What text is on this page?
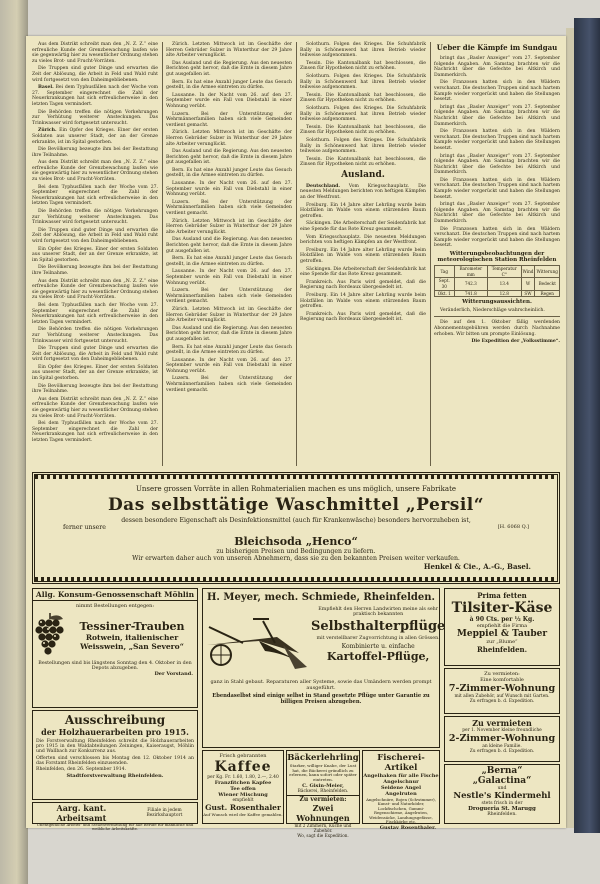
Aus dem Distrikt schreibt man den „N. Z. Z.“ eine erfreuliche Kunde der Grenzbewachung laufen wie sie gegenwärtig hier zu wesentlicher Ordnung stehen zu vieles Brot- und Frucht-Vorräten.

Die Truppen sind guter Dinge und erwarten die Zeit der Ablösung, die Arbeit in Feld und Wald ruht wird fortgesetzt von den Daheimgebliebenen.

Basel. Bei dem Typhusfällen nach der Woche vom 27. September eingerechnet die Zahl der Neuerkrankungen hat sich erfreulicherweise in den letzten Tagen vermindert.

Die Behörden treffen die nötigen Vorkehrungen zur Verhütung weiterer Ansteckungen. Das Trinkwasser wird fortgesetzt untersucht.

Zürich. Ein Opfer des Krieges. Einer der ersten Soldaten aus unserer Stadt, der an der Grenze erkrankte, ist im Spital gestorben.

Die Bevölkerung bezeugte ihm bei der Bestattung ihre Teilnahme.

Aus dem Distrikt schreibt man den „N. Z. Z.“ eine erfreuliche Kunde der Grenzbewachung laufen wie sie gegenwärtig hier zu wesentlicher Ordnung stehen zu vieles Brot- und Frucht-Vorräten.

Bei dem Typhusfällen nach der Woche vom 27. September eingerechnet die Zahl der Neuerkrankungen hat sich erfreulicherweise in den letzten Tagen vermindert.

Die Behörden treffen die nötigen Vorkehrungen zur Verhütung weiterer Ansteckungen. Das Trinkwasser wird fortgesetzt untersucht.

Die Truppen sind guter Dinge und erwarten die Zeit der Ablösung, die Arbeit in Feld und Wald ruht wird fortgesetzt von den Daheimgebliebenen.

Ein Opfer des Krieges. Einer der ersten Soldaten aus unserer Stadt, der an der Grenze erkrankte, ist im Spital gestorben.

Die Bevölkerung bezeugte ihm bei der Bestattung ihre Teilnahme.

Aus dem Distrikt schreibt man den „N. Z. Z.“ eine erfreuliche Kunde der Grenzbewachung laufen wie sie gegenwärtig hier zu wesentlicher Ordnung stehen zu vieles Brot- und Frucht-Vorräten.

Bei dem Typhusfällen nach der Woche vom 27. September eingerechnet die Zahl der Neuerkrankungen hat sich erfreulicherweise in den letzten Tagen vermindert.

Die Behörden treffen die nötigen Vorkehrungen zur Verhütung weiterer Ansteckungen. Das Trinkwasser wird fortgesetzt untersucht.

Die Truppen sind guter Dinge und erwarten die Zeit der Ablösung, die Arbeit in Feld und Wald ruht wird fortgesetzt von den Daheimgebliebenen.

Ein Opfer des Krieges. Einer der ersten Soldaten aus unserer Stadt, der an der Grenze erkrankte, ist im Spital gestorben.

Die Bevölkerung bezeugte ihm bei der Bestattung ihre Teilnahme.

Aus dem Distrikt schreibt man den „N. Z. Z.“ eine erfreuliche Kunde der Grenzbewachung laufen wie sie gegenwärtig hier zu wesentlicher Ordnung stehen zu vieles Brot- und Frucht-Vorräten.

Bei dem Typhusfällen nach der Woche vom 27. September eingerechnet die Zahl der Neuerkrankungen hat sich erfreulicherweise in den letzten Tagen vermindert.

Zürich. Letzten Mittwoch ist im Geschäfte der Herren Gebrüder Sulzer in Winterthur der 29 Jahre alte Arbeiter verunglückt.

Das Ausland und die Regierung. Aus den neuesten Berichten geht hervor, daß die Ernte in diesem Jahre gut ausgefallen ist.

Bern. Es hat eine Anzahl junger Leute das Gesuch gestellt, in die Armee eintreten zu dürfen.

Lausanne. In der Nacht vom 26. auf den 27. September wurde ein Fall von Diebstahl in einer Wohnung verübt.

Luzern. Bei der Unterstützung der Wehrmännerfamilien haben sich viele Gemeinden verdient gemacht.

Zürich. Letzten Mittwoch ist im Geschäfte der Herren Gebrüder Sulzer in Winterthur der 29 Jahre alte Arbeiter verunglückt.

Das Ausland und die Regierung. Aus den neuesten Berichten geht hervor, daß die Ernte in diesem Jahre gut ausgefallen ist.

Bern. Es hat eine Anzahl junger Leute das Gesuch gestellt, in die Armee eintreten zu dürfen.

Lausanne. In der Nacht vom 26. auf den 27. September wurde ein Fall von Diebstahl in einer Wohnung verübt.

Luzern. Bei der Unterstützung der Wehrmännerfamilien haben sich viele Gemeinden verdient gemacht.

Zürich. Letzten Mittwoch ist im Geschäfte der Herren Gebrüder Sulzer in Winterthur der 29 Jahre alte Arbeiter verunglückt.

Das Ausland und die Regierung. Aus den neuesten Berichten geht hervor, daß die Ernte in diesem Jahre gut ausgefallen ist.

Bern. Es hat eine Anzahl junger Leute das Gesuch gestellt, in die Armee eintreten zu dürfen.

Lausanne. In der Nacht vom 26. auf den 27. September wurde ein Fall von Diebstahl in einer Wohnung verübt.

Luzern. Bei der Unterstützung der Wehrmännerfamilien haben sich viele Gemeinden verdient gemacht.

Zürich. Letzten Mittwoch ist im Geschäfte der Herren Gebrüder Sulzer in Winterthur der 29 Jahre alte Arbeiter verunglückt.

Das Ausland und die Regierung. Aus den neuesten Berichten geht hervor, daß die Ernte in diesem Jahre gut ausgefallen ist.

Bern. Es hat eine Anzahl junger Leute das Gesuch gestellt, in die Armee eintreten zu dürfen.

Lausanne. In der Nacht vom 26. auf den 27. September wurde ein Fall von Diebstahl in einer Wohnung verübt.

Luzern. Bei der Unterstützung der Wehrmännerfamilien haben sich viele Gemeinden verdient gemacht.

Solothurn. Folgen des Krieges. Die Schuhfabrik Bally in Schönenwerd hat ihren Betrieb wieder teilweise aufgenommen.

Tessin. Die Kantonalbank hat beschlossen, die Zinsen für Hypotheken nicht zu erhöhen.

Solothurn. Folgen des Krieges. Die Schuhfabrik Bally in Schönenwerd hat ihren Betrieb wieder teilweise aufgenommen.

Tessin. Die Kantonalbank hat beschlossen, die Zinsen für Hypotheken nicht zu erhöhen.

Solothurn. Folgen des Krieges. Die Schuhfabrik Bally in Schönenwerd hat ihren Betrieb wieder teilweise aufgenommen.

Tessin. Die Kantonalbank hat beschlossen, die Zinsen für Hypotheken nicht zu erhöhen.

Solothurn. Folgen des Krieges. Die Schuhfabrik Bally in Schönenwerd hat ihren Betrieb wieder teilweise aufgenommen.

Tessin. Die Kantonalbank hat beschlossen, die Zinsen für Hypotheken nicht zu erhöhen.

Ausland.

Deutschland. Vom Kriegsschauplatz. Die neuesten Meldungen berichten von heftigen Kämpfen an der Westfront.

Freiburg. Ein 14 Jahre alter Lehrling wurde beim Holzfällen im Walde von einem stürzenden Baum getroffen.

Säckingen. Die Arbeiterschaft der Seidenfabrik hat eine Spende für das Rote Kreuz gesammelt.

Vom Kriegsschauplatz. Die neuesten Meldungen berichten von heftigen Kämpfen an der Westfront.

Freiburg. Ein 14 Jahre alter Lehrling wurde beim Holzfällen im Walde von einem stürzenden Baum getroffen.

Säckingen. Die Arbeiterschaft der Seidenfabrik hat eine Spende für das Rote Kreuz gesammelt.

Frankreich. Aus Paris wird gemeldet, daß die Regierung nach Bordeaux übergesiedelt ist.

Freiburg. Ein 14 Jahre alter Lehrling wurde beim Holzfällen im Walde von einem stürzenden Baum getroffen.

Frankreich. Aus Paris wird gemeldet, daß die Regierung nach Bordeaux übergesiedelt ist.

Ueber die Kämpfe im Sundgau

bringt das „Basler Anzeiger“ vom 27. September folgende Angaben. Am Samstag brachten wir die Nachricht über die Gefechte bei Altkirch und Dammerkirch.

Die Franzosen hatten sich in den Wäldern verschanzt. Die deutschen Truppen sind nach hartem Kampfe wieder vorgerückt und haben die Stellungen besetzt.

bringt das „Basler Anzeiger“ vom 27. September folgende Angaben. Am Samstag brachten wir die Nachricht über die Gefechte bei Altkirch und Dammerkirch.

Die Franzosen hatten sich in den Wäldern verschanzt. Die deutschen Truppen sind nach hartem Kampfe wieder vorgerückt und haben die Stellungen besetzt.

bringt das „Basler Anzeiger“ vom 27. September folgende Angaben. Am Samstag brachten wir die Nachricht über die Gefechte bei Altkirch und Dammerkirch.

Die Franzosen hatten sich in den Wäldern verschanzt. Die deutschen Truppen sind nach hartem Kampfe wieder vorgerückt und haben die Stellungen besetzt.

bringt das „Basler Anzeiger“ vom 27. September folgende Angaben. Am Samstag brachten wir die Nachricht über die Gefechte bei Altkirch und Dammerkirch.

Die Franzosen hatten sich in den Wäldern verschanzt. Die deutschen Truppen sind nach hartem Kampfe wieder vorgerückt und haben die Stellungen besetzt.

Witterungsbeobachtungen der meteorologischen Station Rheinfelden
Tag	Barometer mm	Temperatur C°	Wind	Witterung
Sept. 30	742.3	13.4	W	Bedeckt
Okt. 1	741.8	12.8	SW	Regen
Witterungsaussichten.

Veränderlich, Niederschläge wahrscheinlich.

Die auf den 1. Oktober fällig werdenden Abonnementsgebühren werden durch Nachnahme erhoben. Wir bitten um prompte Einlösung.

Die Expedition der „Volksstimme“.

Unsere grossen Vorräte in allen Rohmaterialien machen es uns möglich, unsere Fabrikate
Das selbsttätige Waschmittel „Persil“
dessen besondere Eigenschaft als Desinfektionsmittel (auch für Krankenwäsche) besonders hervorzuheben ist,
ferner unsere	[H. 6068 Q.]
Bleichsoda „Henco“
zu bisherigen Preisen und Bedingungen zu liefern.
Wir erwarten daher auch von unseren Abnehmern, dass sie zu den bekannten Preisen weiter verkaufen.
Henkel & Cie., A.-G., Basel.
Allg. Konsum-Genossenschaft Möhlin
nimmt Bestellungen entgegen:
Tessiner-Trauben
Rotwein, italienischer
Weisswein, „San Severo“
Bestellungen sind bis längstens Sonntag den 4. Oktober in den Depots abzugeben.
Der Vorstand.
Ausschreibung
der Holzhauerarbeiten pro 1915.
Die Forstverwaltung Rheinfelden schreibt die Holzhauerarbeiten pro 1915 in den Waldabteilungen Zeiningen, Kaiseraugst, Möhlin und Wallbach zur Konkurrenz aus.
Offerten sind verschlossen bis Montag den 12. Oktober 1914 an das Forstamt Rheinfelden einzusenden.
Rheinfelden, den 26. September 1914.
Stadtforstverwaltung Rheinfelden.
Aarg. kant. Arbeitsamt
Filiale in jedem Bezirkshauptort
Unentgeltliche Arbeits- und Stellenvermittlung für alle Berufe für männliche und weibliche Arbeitskräfte.
H. Meyer, mech. Schmiede, Rheinfelden.
Empfiehlt den Herren Landwirten meine als sehr praktisch bekannten
Selbsthalterpflüge
mit verstellbarer Zugvorrichtung in allen Grössen.
Kombinierte u. einfache
Kartoffel-Pflüge,
ganz in Stahl gebaut. Reparaturen aller Systeme, sowie das Umändern werden prompt ausgeführt.
Ebendaselbst sind einige selbst in Stand gesetzte Pflüge unter Garantie zu billigen Preisen abzugeben.
Frisch gebrannten
Kaffee
per Kg. Fr. 1.60, 1.80, 2.—, 2.40
Franzfitchen Kapfee
Tee offen
Wiener Mischung
empfiehlt
Gust. Rosenthaler
Auf Wunsch wird der Kaffee gemahlen.
Bäckerlehrling
Starker, williger Knabe, der Lust hat, die Bäckerei gründlich zu erlernen, kann sofort oder später eintreten.
C. Gisin-Meier,
Bäckerei, Rheinfelden.
Zu vermieten:
Zwei Wohnungen
mit 2 Zimmern, Küche und Zubehör.
Wo, sagt die Expedition.
Fischerei-Artikel
Angelhaken für alle Fische
Angelschnur
Seidene Angel
Angelruten
Angelschnüre, Bojen (Schwimmer), Kunst- und Naturköder, Lockfischchen, Gummi-Regenschirme, Angelruten, Weidensäcke, Landungsgefässe, Fischkörbe etc.
Gustav Rosenthaler.
Prima fetten
Tilsiter-Käse
à 90 Cts. per ½ Kg.
empfiehlt die Firma
Meppiel & Tauber
zur „Blume“
Rheinfelden.
Zu vermieten:
Eine komfortable
7-Zimmer-Wohnung
mit allen Zubehör, auf Wunsch mit Garten.
Zu erfragen b. d. Expedition.
Zu vermieten
per 1. November kleine freundliche
2-Zimmer-Wohnung
an kleine Familie.
Zu erfragen b. d. Expedition.
„Berna“
„Galactina“
und
Nestle's Kindermehl
stets frisch in der
Drogueria St. Marugg
Rheinfelden.
